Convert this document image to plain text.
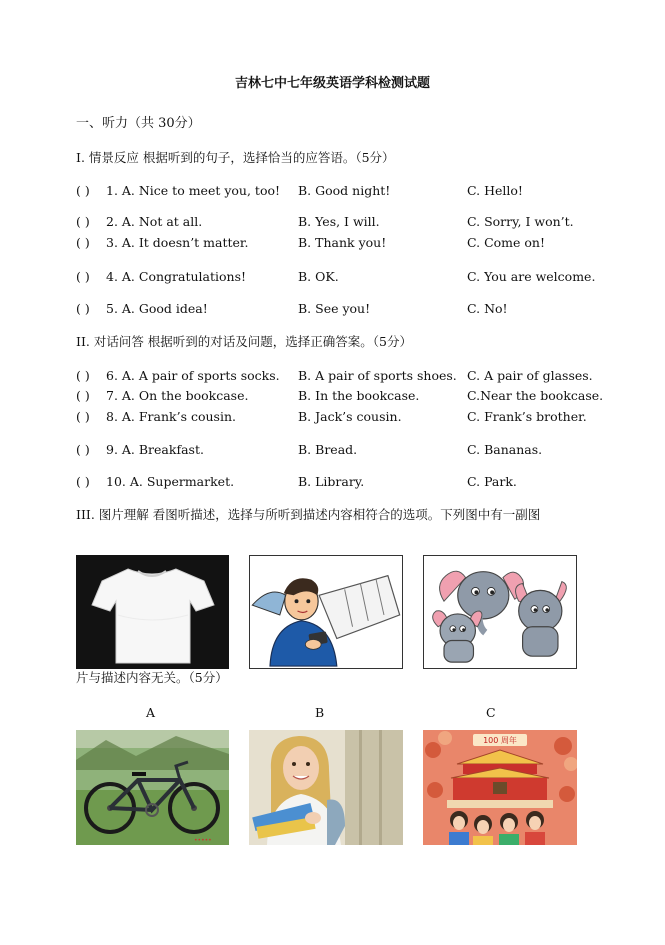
吉林七中七年级英语学科检测试题
一、听力（共 30分）
I. 情景反应 根据听到的句子，选择恰当的应答语。（5分）
( ) 1. A. Nice to meet you, too! B. Good night!	C. Hello!
( ) 2. A. Not at all.	B. Yes, I will.	C. Sorry, I won’t.
( ) 3. A. It doesn’t matter.	B. Thank you!	C. Come on!
( ) 4. A. Congratulations!	B. OK.	C. You are welcome.
( ) 5. A. Good idea!	B. See you!	C. No!
II. 对话问答 根据听到的对话及问题，选择正确答案。（5分）
( ) 6. A. A pair of sports socks. B. A pair of sports shoes. C. A pair of glasses.
( ) 7. A. On the bookcase.	B. In the bookcase.	C.Near the bookcase.
( ) 8. A. Frank’s cousin.	B. Jack’s cousin.	C. Frank’s brother.
( ) 9. A. Breakfast.	B. Bread.	C. Bananas.
( ) 10. A. Supermarket.	B. Library.	C. Park.
III. 图片理解 看图听描述，选择与所听到描述内容相符合的选项。下列图中有一副图
片与描述内容无关。（5分）
A	B	C
•••••
100 周年
